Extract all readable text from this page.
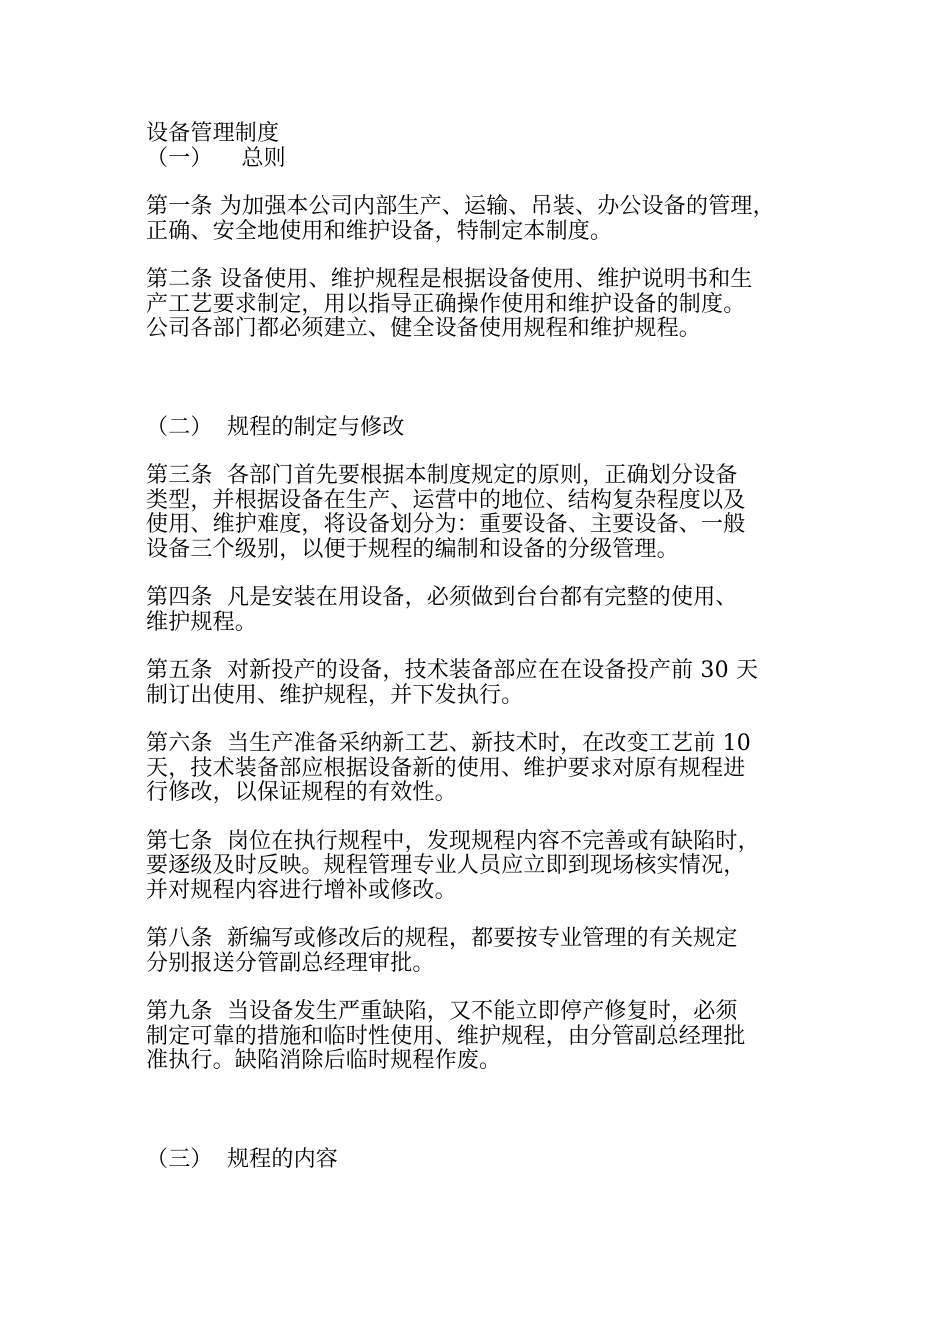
设备管理制度
（一）    总则
第一条 为加强本公司内部生产、运输、吊装、办公设备的管理，
正确、安全地使用和维护设备，特制定本制度。
第二条 设备使用、维护规程是根据设备使用、维护说明书和生
产工艺要求制定，用以指导正确操作使用和维护设备的制度。
公司各部门都必须建立、健全设备使用规程和维护规程。
（二）  规程的制定与修改
第三条  各部门首先要根据本制度规定的原则，正确划分设备
类型，并根据设备在生产、运营中的地位、结构复杂程度以及
使用、维护难度，将设备划分为：重要设备、主要设备、一般
设备三个级别，以便于规程的编制和设备的分级管理。
第四条  凡是安装在用设备，必须做到台台都有完整的使用、
维护规程。
第五条  对新投产的设备，技术装备部应在在设备投产前 30 天
制订出使用、维护规程，并下发执行。
第六条  当生产准备采纳新工艺、新技术时，在改变工艺前 10
天，技术装备部应根据设备新的使用、维护要求对原有规程进
行修改，以保证规程的有效性。
第七条  岗位在执行规程中，发现规程内容不完善或有缺陷时，
要逐级及时反映。规程管理专业人员应立即到现场核实情况，
并对规程内容进行增补或修改。
第八条  新编写或修改后的规程，都要按专业管理的有关规定
分别报送分管副总经理审批。
第九条  当设备发生严重缺陷，又不能立即停产修复时，必须
制定可靠的措施和临时性使用、维护规程，由分管副总经理批
准执行。缺陷消除后临时规程作废。
（三）  规程的内容
